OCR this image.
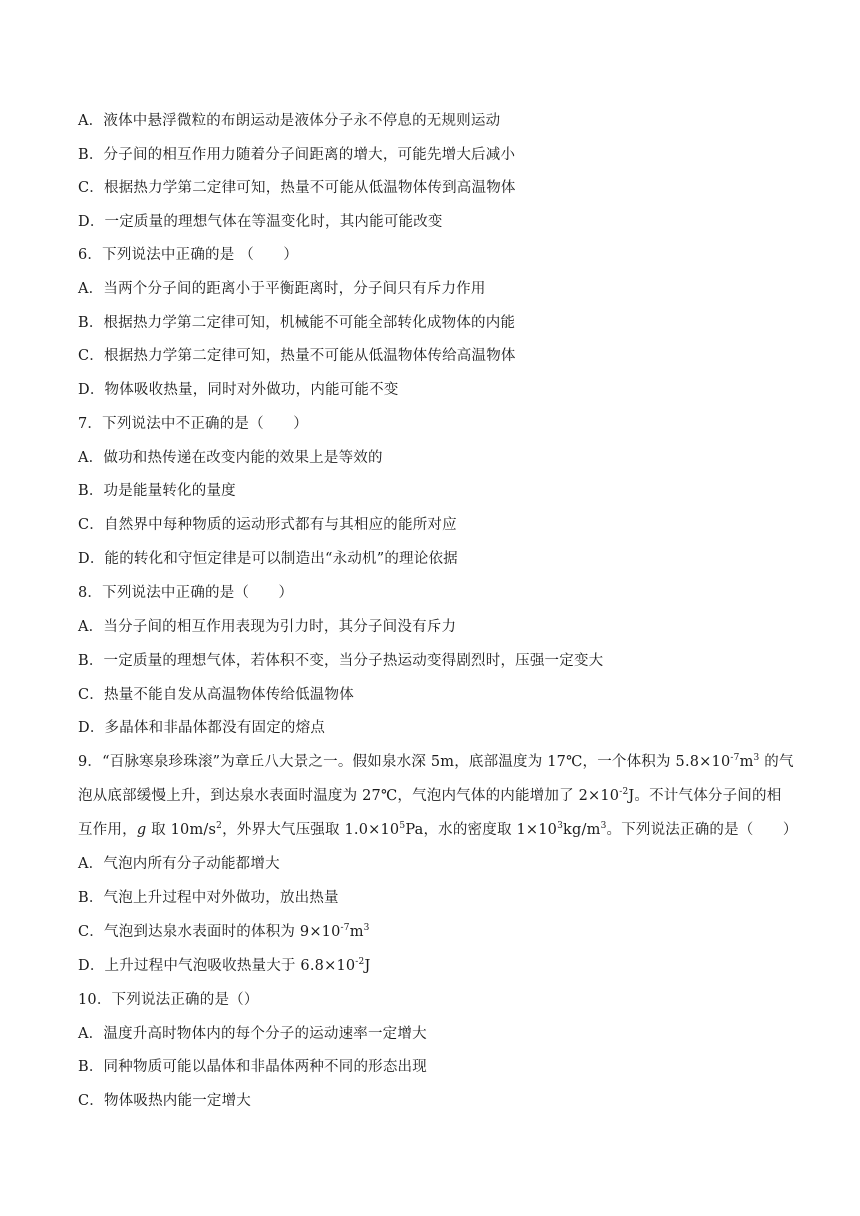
A．液体中悬浮微粒的布朗运动是液体分子永不停息的无规则运动
B．分子间的相互作用力随着分子间距离的增大，可能先增大后减小
C．根据热力学第二定律可知，热量不可能从低温物体传到高温物体
D．一定质量的理想气体在等温变化时，其内能可能改变
6．下列说法中正确的是 （　　）
A．当两个分子间的距离小于平衡距离时，分子间只有斥力作用
B．根据热力学第二定律可知，机械能不可能全部转化成物体的内能
C．根据热力学第二定律可知，热量不可能从低温物体传给高温物体
D．物体吸收热量，同时对外做功，内能可能不变
7．下列说法中不正确的是（　　）
A．做功和热传递在改变内能的效果上是等效的
B．功是能量转化的量度
C．自然界中每种物质的运动形式都有与其相应的能所对应
D．能的转化和守恒定律是可以制造出“永动机”的理论依据
8．下列说法中正确的是（　　）
A．当分子间的相互作用表现为引力时，其分子间没有斥力
B．一定质量的理想气体，若体积不变，当分子热运动变得剧烈时，压强一定变大
C．热量不能自发从高温物体传给低温物体
D．多晶体和非晶体都没有固定的熔点
9．“百脉寒泉珍珠滚”为章丘八大景之一。假如泉水深 5m，底部温度为 17℃，一个体积为 $5.8\times 10^{-7}m^3$ 的气
泡从底部缓慢上升，到达泉水表面时温度为 27℃，气泡内气体的内能增加了 $2\times 10^{-2}J$。不计气体分子间的相
互作用，g 取 $10m/s^2$，外界大气压强取 $1.0\times 10^5Pa$，水的密度取 $1\times 10^3kg/m^3$。下列说法正确的是（　　）
A．气泡内所有分子动能都增大
B．气泡上升过程中对外做功，放出热量
C．气泡到达泉水表面时的体积为 $9\times 10^{-7}m^3$
D．上升过程中气泡吸收热量大于 $6.8\times 10^{-2}J$
10．下列说法正确的是（）
A．温度升高时物体内的每个分子的运动速率一定增大
B．同种物质可能以晶体和非晶体两种不同的形态出现
C．物体吸热内能一定增大
